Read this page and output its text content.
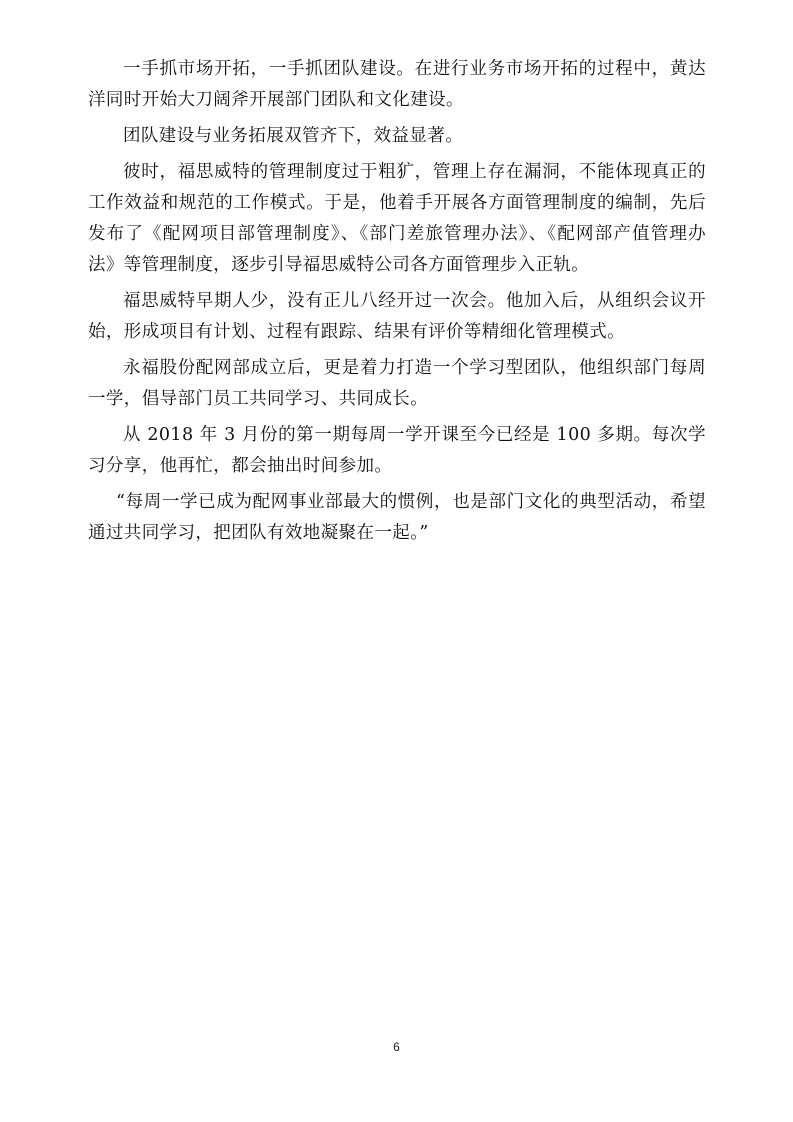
一手抓市场开拓，一手抓团队建设。在进行业务市场开拓的过程中，黄达洋同时开始大刀阔斧开展部门团队和文化建设。

团队建设与业务拓展双管齐下，效益显著。

彼时，福思威特的管理制度过于粗犷，管理上存在漏洞，不能体现真正的工作效益和规范的工作模式。于是，他着手开展各方面管理制度的编制，先后发布了《配网项目部管理制度》、《部门差旅管理办法》、《配网部产值管理办法》等管理制度，逐步引导福思威特公司各方面管理步入正轨。

福思威特早期人少，没有正儿八经开过一次会。他加入后，从组织会议开始，形成项目有计划、过程有跟踪、结果有评价等精细化管理模式。

永福股份配网部成立后，更是着力打造一个学习型团队，他组织部门每周一学，倡导部门员工共同学习、共同成长。

从 2018 年 3 月份的第一期每周一学开课至今已经是 100 多期。每次学习分享，他再忙，都会抽出时间参加。

“每周一学已成为配网事业部最大的惯例，也是部门文化的典型活动，希望通过共同学习，把团队有效地凝聚在一起。”

6
